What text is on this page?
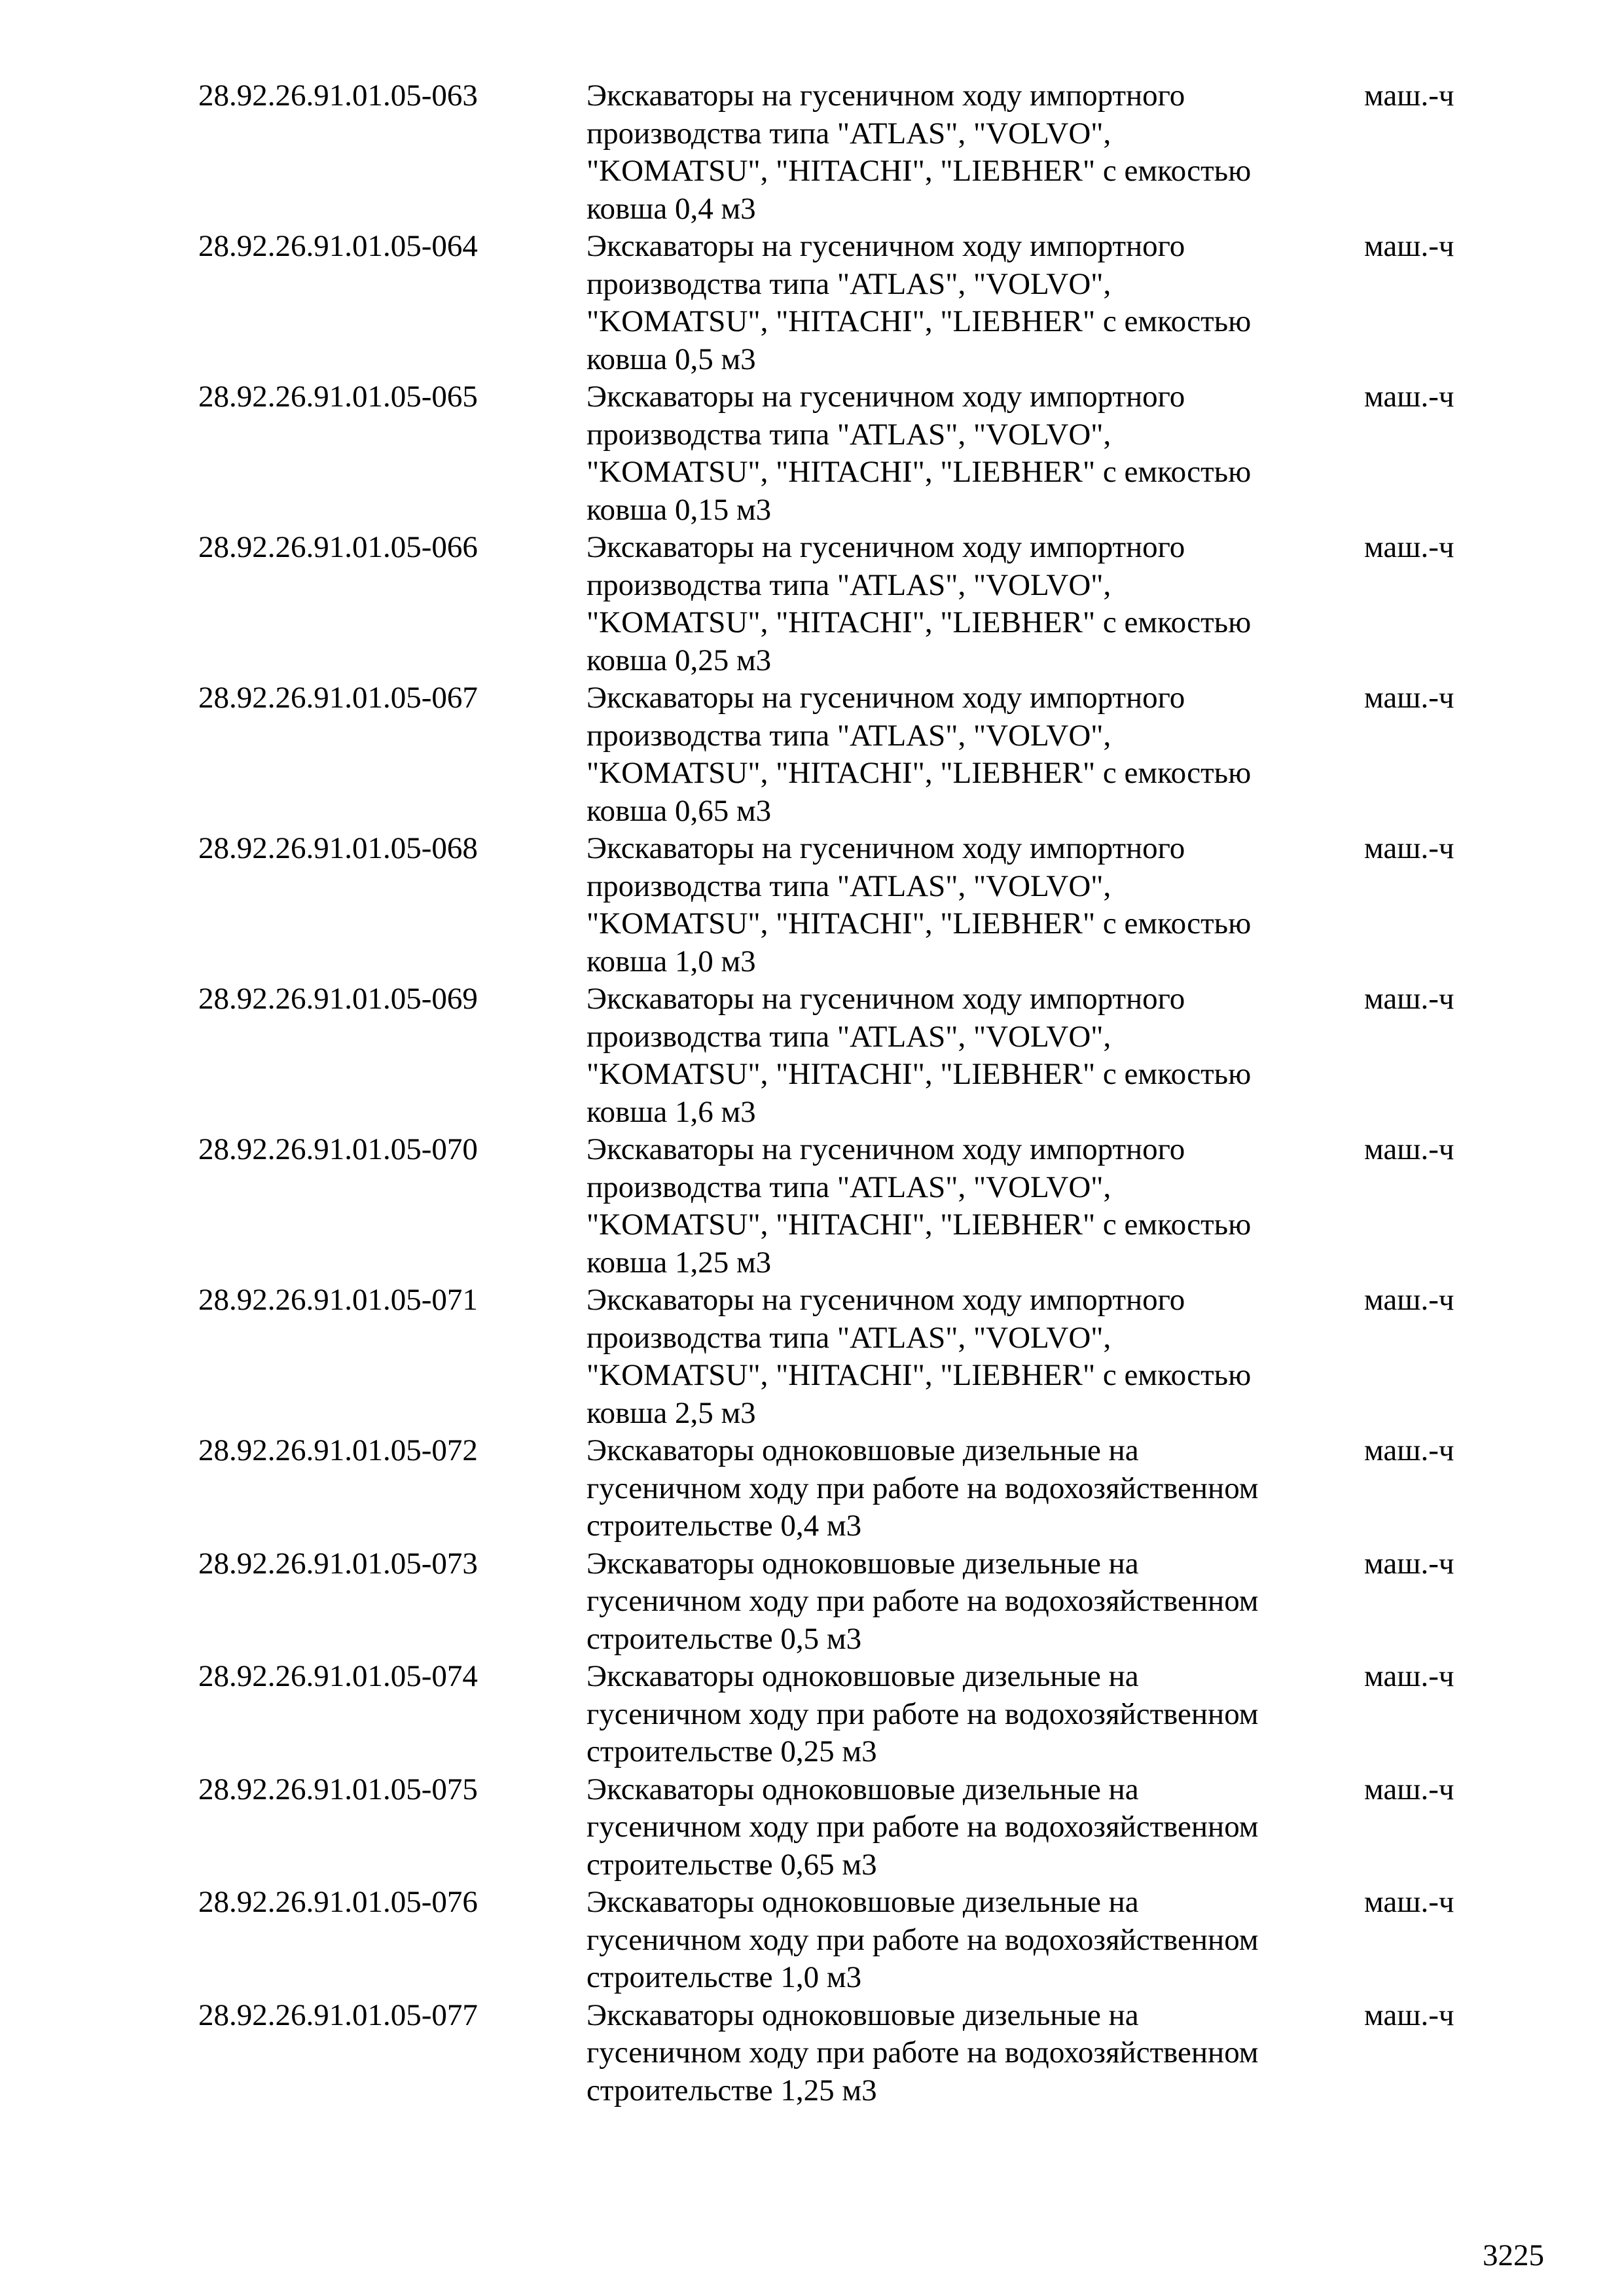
28.92.26.91.01.05-063	Экскаваторы на гусеничном ходу импортного
производства типа "ATLAS", "VOLVO",
"KOMATSU", "HITACHI", "LIEBHER" с емкостью
ковша 0,4 м3
маш.-ч
28.92.26.91.01.05-064	Экскаваторы на гусеничном ходу импортного
производства типа "ATLAS", "VOLVO",
"KOMATSU", "HITACHI", "LIEBHER" с емкостью
ковша 0,5 м3
маш.-ч
28.92.26.91.01.05-065	Экскаваторы на гусеничном ходу импортного
производства типа "ATLAS", "VOLVO",
"KOMATSU", "HITACHI", "LIEBHER" с емкостью
ковша 0,15 м3
маш.-ч
28.92.26.91.01.05-066	Экскаваторы на гусеничном ходу импортного
производства типа "ATLAS", "VOLVO",
"KOMATSU", "HITACHI", "LIEBHER" с емкостью
ковша 0,25 м3
маш.-ч
28.92.26.91.01.05-067	Экскаваторы на гусеничном ходу импортного
производства типа "ATLAS", "VOLVO",
"KOMATSU", "HITACHI", "LIEBHER" с емкостью
ковша 0,65 м3
маш.-ч
28.92.26.91.01.05-068	Экскаваторы на гусеничном ходу импортного
производства типа "ATLAS", "VOLVO",
"KOMATSU", "HITACHI", "LIEBHER" с емкостью
ковша 1,0 м3
маш.-ч
28.92.26.91.01.05-069	Экскаваторы на гусеничном ходу импортного
производства типа "ATLAS", "VOLVO",
"KOMATSU", "HITACHI", "LIEBHER" с емкостью
ковша 1,6 м3
маш.-ч
28.92.26.91.01.05-070	Экскаваторы на гусеничном ходу импортного
производства типа "ATLAS", "VOLVO",
"KOMATSU", "HITACHI", "LIEBHER" с емкостью
ковша 1,25 м3
маш.-ч
28.92.26.91.01.05-071	Экскаваторы на гусеничном ходу импортного
производства типа "ATLAS", "VOLVO",
"KOMATSU", "HITACHI", "LIEBHER" с емкостью
ковша 2,5 м3
маш.-ч
28.92.26.91.01.05-072	Экскаваторы одноковшовые дизельные на
гусеничном ходу при работе на водохозяйственном
строительстве 0,4 м3
маш.-ч
28.92.26.91.01.05-073	Экскаваторы одноковшовые дизельные на
гусеничном ходу при работе на водохозяйственном
строительстве 0,5 м3
маш.-ч
28.92.26.91.01.05-074	Экскаваторы одноковшовые дизельные на
гусеничном ходу при работе на водохозяйственном
строительстве 0,25 м3
маш.-ч
28.92.26.91.01.05-075	Экскаваторы одноковшовые дизельные на
гусеничном ходу при работе на водохозяйственном
строительстве 0,65 м3
маш.-ч
28.92.26.91.01.05-076	Экскаваторы одноковшовые дизельные на
гусеничном ходу при работе на водохозяйственном
строительстве 1,0 м3
маш.-ч
28.92.26.91.01.05-077	Экскаваторы одноковшовые дизельные на
гусеничном ходу при работе на водохозяйственном
строительстве 1,25 м3
маш.-ч
3225
